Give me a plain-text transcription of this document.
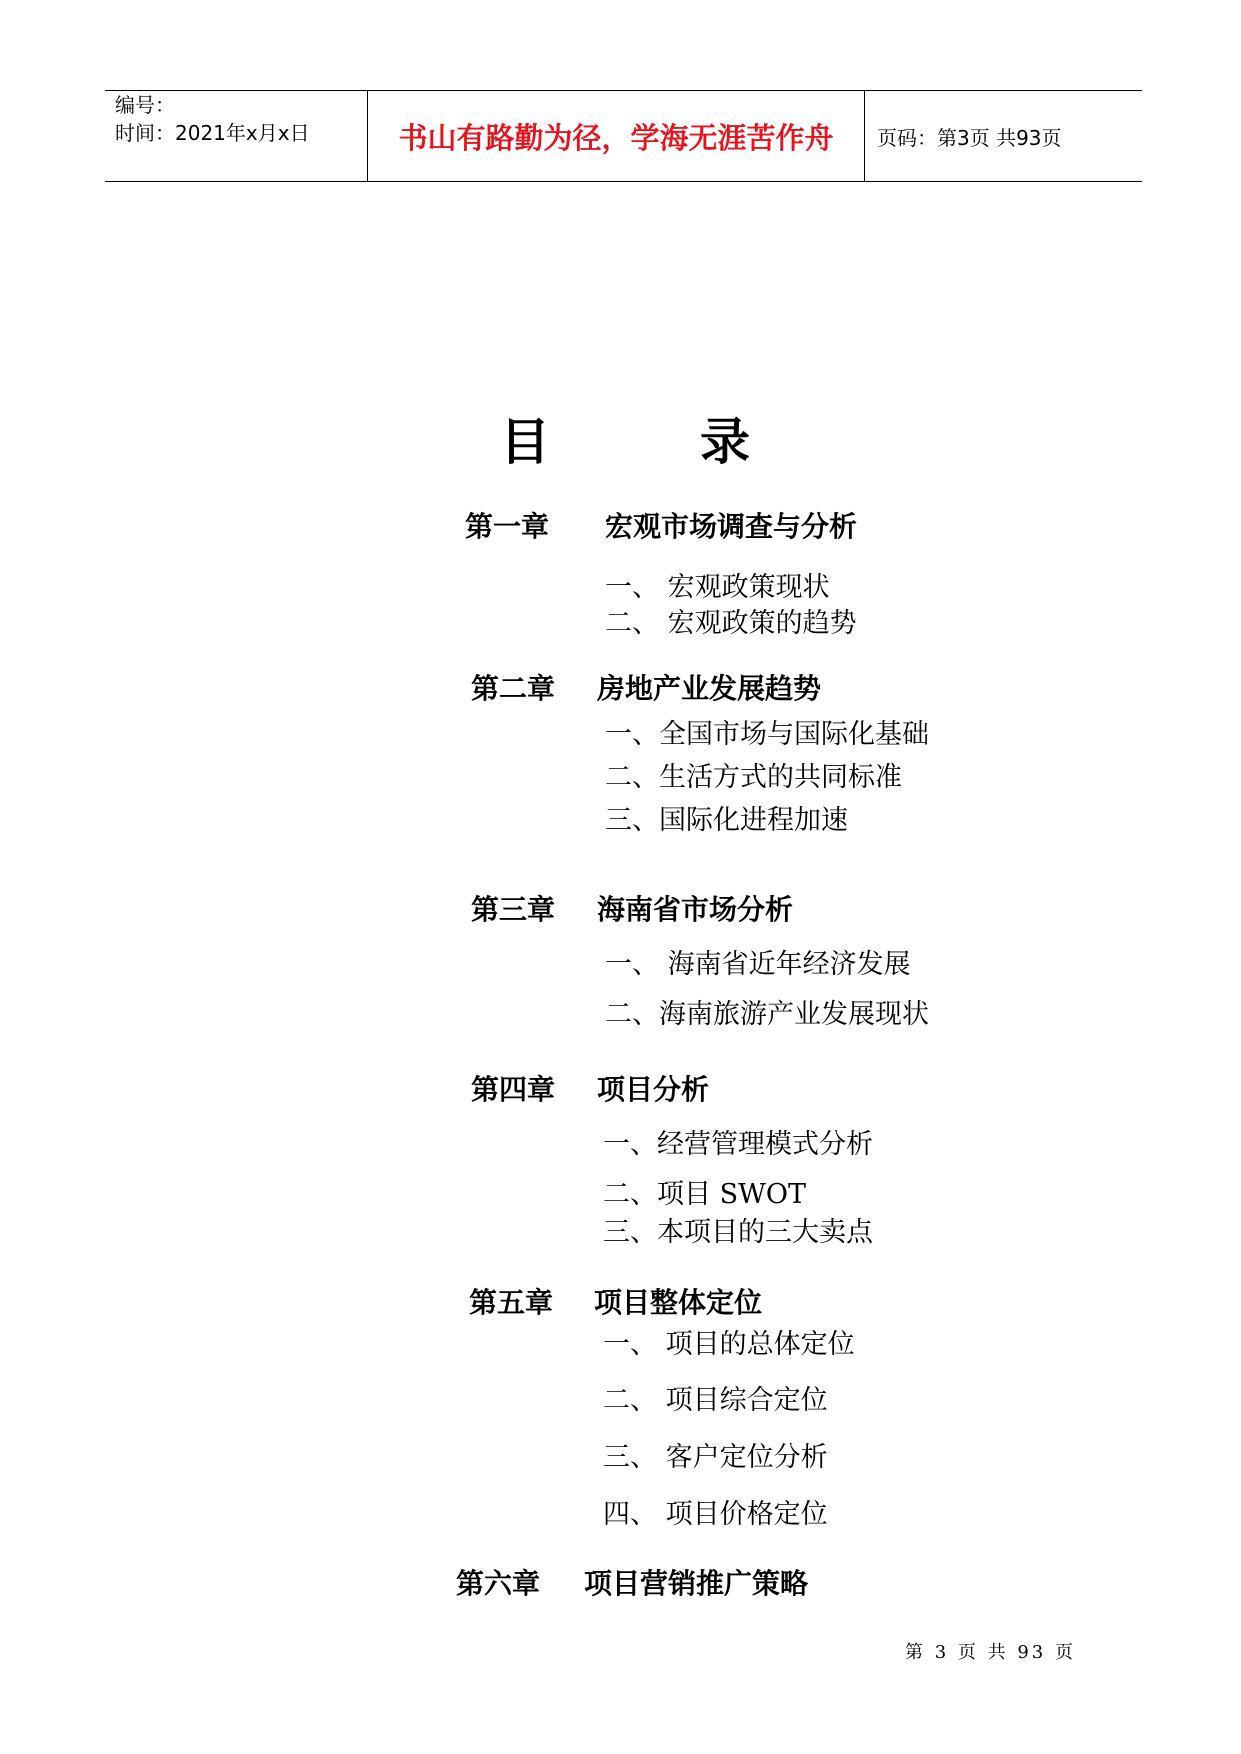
编号：
时间：2021年x月x日	书山有路勤为径，学海无涯苦作舟	页码：第3页 共93页
目	录
第一章 宏观市场调查与分析
一、 宏观政策现状
二、 宏观政策的趋势
第二章 房地产业发展趋势
一、全国市场与国际化基础
二、生活方式的共同标准
三、国际化进程加速
第三章 海南省市场分析
一、 海南省近年经济发展
二、海南旅游产业发展现状
第四章 项目分析
一、经营管理模式分析
二、项目 SWOT
三、本项目的三大卖点
第五章 项目整体定位
一、 项目的总体定位
二、 项目综合定位
三、 客户定位分析
四、 项目价格定位
第六章 项目营销推广策略
第 3 页 共 93 页
